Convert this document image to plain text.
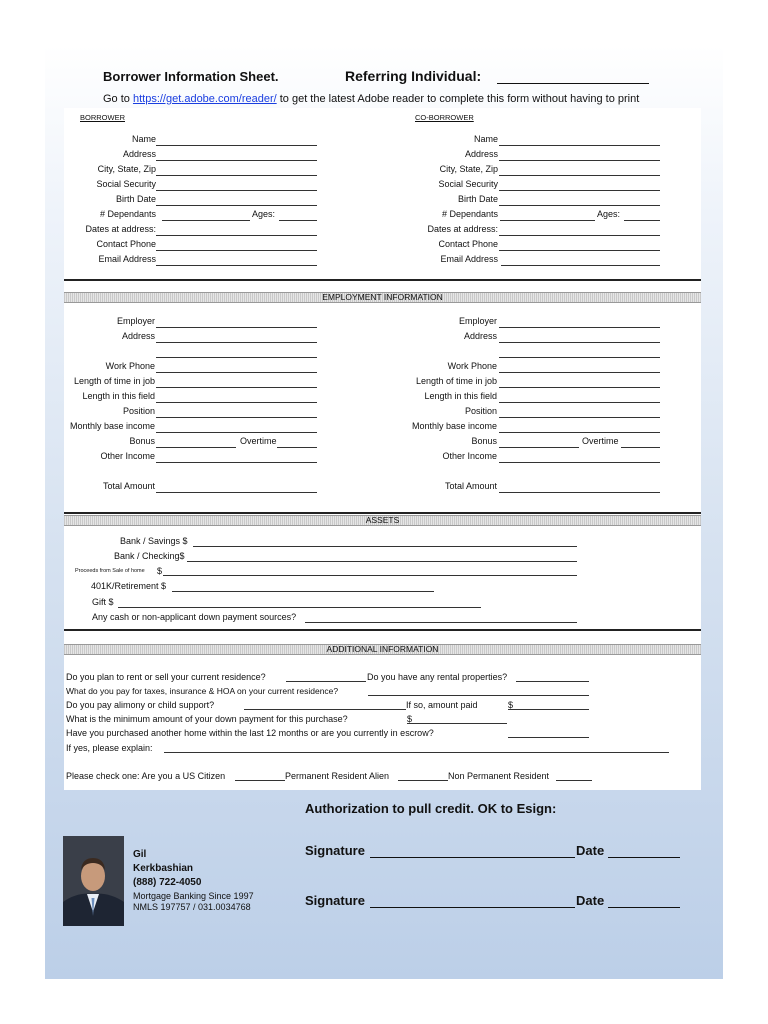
Borrower Information Sheet.	Referring Individual:
Go to https://get.adobe.com/reader/ to get the latest Adobe reader to complete this form without having to print
BORROWER	CO-BORROWER
Name
Address
City, State, Zip
Social Security
Birth Date
# Dependants	Ages:
Dates at address:
Contact Phone
Email Address
Name
Address
City, State, Zip
Social Security
Birth Date
# Dependants	Ages:
Dates at address:
Contact Phone
Email Address
EMPLOYMENT INFORMATION
Employer
Address
Work Phone
Length of time in job
Length in this field
Position
Monthly base income
Bonus	Overtime
Other Income
Total Amount
Employer
Address
Work Phone
Length of time in job
Length in this field
Position
Monthly base income
Bonus	Overtime
Other Income
Total Amount
ASSETS
Bank / Savings $
Bank / Checking$
Proceeds from Sale of home $
401K/Retirement $
Gift $
Any cash or non-applicant down payment sources?
ADDITIONAL INFORMATION
Do you plan to rent or sell your current residence?	Do you have any rental properties?
What do you pay for taxes, insurance & HOA on your current residence?
Do you pay alimony or child support?	If so, amount paid	$
What is the minimum amount of your down payment for this purchase?	$
Have you purchased another home within the last 12 months or are you currently in escrow?
If yes, please explain:
Please check one: Are you a US Citizen	Permanent Resident Alien	Non Permanent Resident
Authorization to pull credit. OK to Esign:
Signature	Date
Signature	Date
Gil
Kerkbashian
(888) 722-4050
Mortgage Banking Since 1997
NMLS 197757 / 031.0034768
